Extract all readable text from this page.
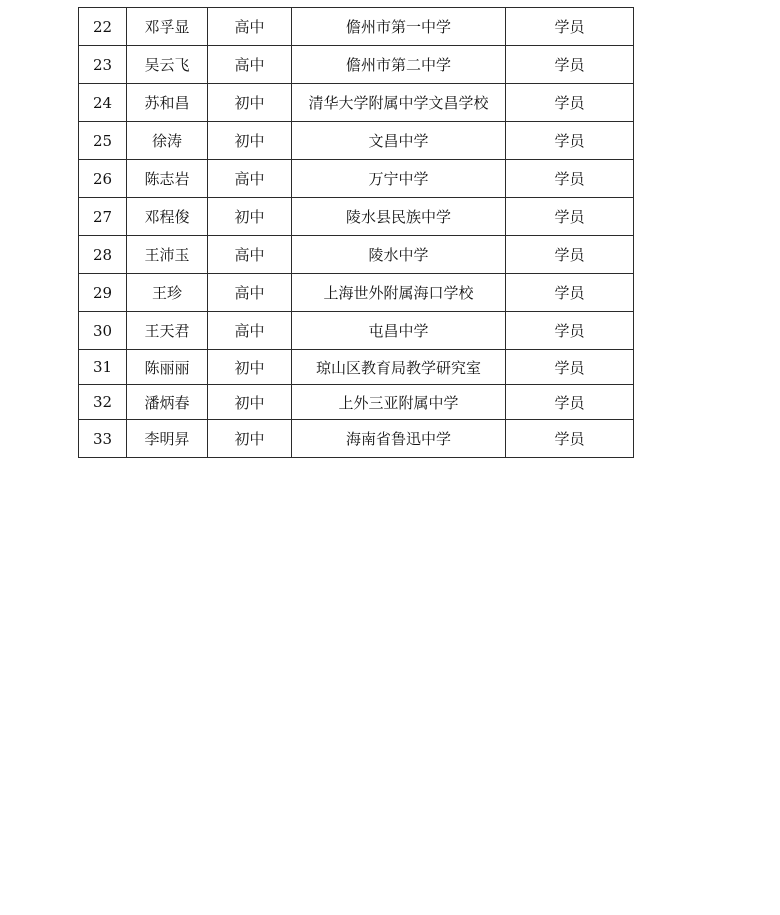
22	邓孚显	高中	儋州市第一中学	学员
23	吴云飞	高中	儋州市第二中学	学员
24	苏和昌	初中	清华大学附属中学文昌学校	学员
25	徐涛	初中	文昌中学	学员
26	陈志岩	高中	万宁中学	学员
27	邓程俊	初中	陵水县民族中学	学员
28	王沛玉	高中	陵水中学	学员
29	王珍	高中	上海世外附属海口学校	学员
30	王天君	高中	屯昌中学	学员
31	陈丽丽	初中	琼山区教育局教学研究室	学员
32	潘炳春	初中	上外三亚附属中学	学员
33	李明昇	初中	海南省鲁迅中学	学员
